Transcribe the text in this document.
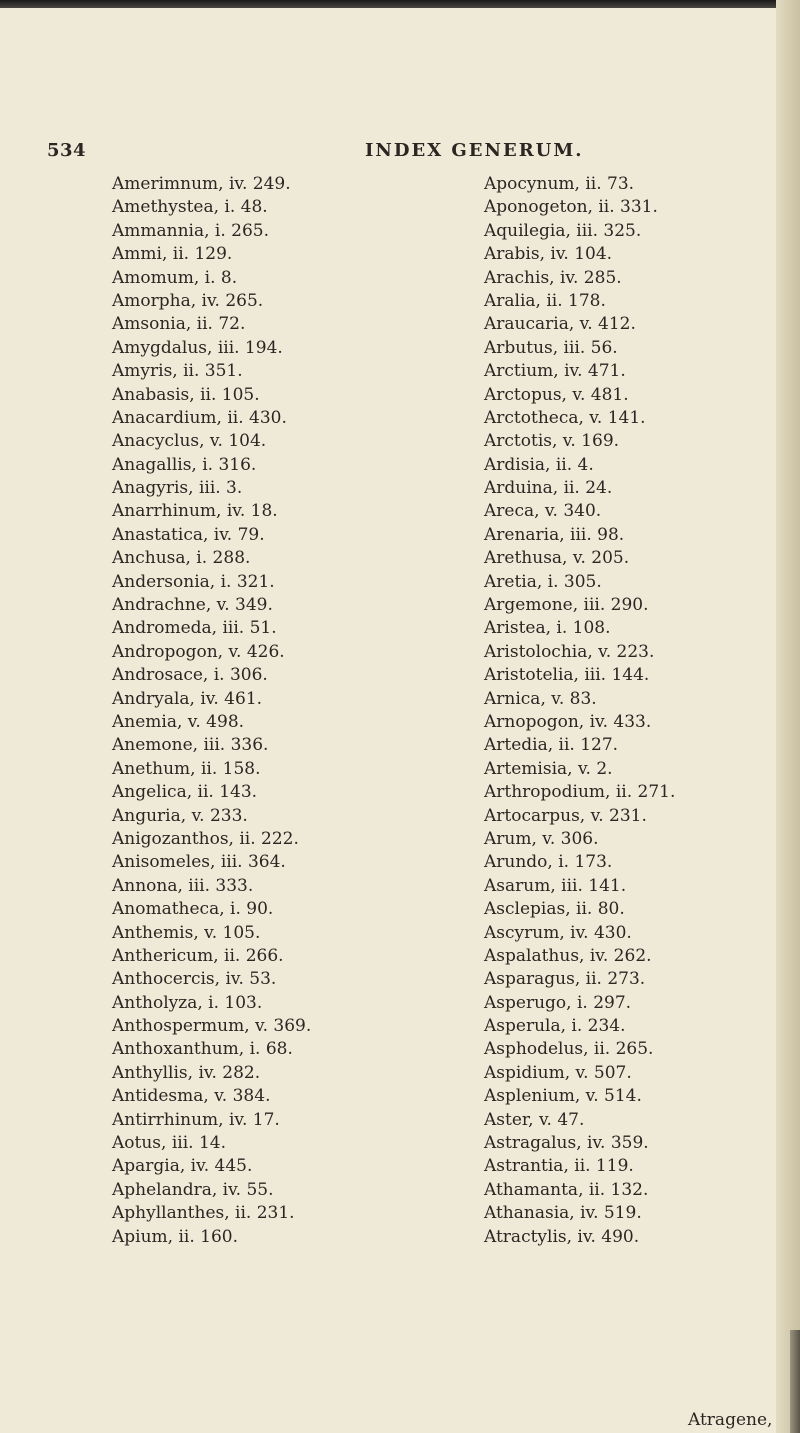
534	INDEX GENERUM.
Amerimnum, iv. 249.
Amethystea, i. 48.
Ammannia, i. 265.
Ammi, ii. 129.
Amomum, i. 8.
Amorpha, iv. 265.
Amsonia, ii. 72.
Amygdalus, iii. 194.
Amyris, ii. 351.
Anabasis, ii. 105.
Anacardium, ii. 430.
Anacyclus, v. 104.
Anagallis, i. 316.
Anagyris, iii. 3.
Anarrhinum, iv. 18.
Anastatica, iv. 79.
Anchusa, i. 288.
Andersonia, i. 321.
Andrachne, v. 349.
Andromeda, iii. 51.
Andropogon, v. 426.
Androsace, i. 306.
Andryala, iv. 461.
Anemia, v. 498.
Anemone, iii. 336.
Anethum, ii. 158.
Angelica, ii. 143.
Anguria, v. 233.
Anigozanthos, ii. 222.
Anisomeles, iii. 364.
Annona, iii. 333.
Anomatheca, i. 90.
Anthemis, v. 105.
Anthericum, ii. 266.
Anthocercis, iv. 53.
Antholyza, i. 103.
Anthospermum, v. 369.
Anthoxanthum, i. 68.
Anthyllis, iv. 282.
Antidesma, v. 384.
Antirrhinum, iv. 17.
Aotus, iii. 14.
Apargia, iv. 445.
Aphelandra, iv. 55.
Aphyllanthes, ii. 231.
Apium, ii. 160.
Apocynum, ii. 73.
Aponogeton, ii. 331.
Aquilegia, iii. 325.
Arabis, iv. 104.
Arachis, iv. 285.
Aralia, ii. 178.
Araucaria, v. 412.
Arbutus, iii. 56.
Arctium, iv. 471.
Arctopus, v. 481.
Arctotheca, v. 141.
Arctotis, v. 169.
Ardisia, ii. 4.
Arduina, ii. 24.
Areca, v. 340.
Arenaria, iii. 98.
Arethusa, v. 205.
Aretia, i. 305.
Argemone, iii. 290.
Aristea, i. 108.
Aristolochia, v. 223.
Aristotelia, iii. 144.
Arnica, v. 83.
Arnopogon, iv. 433.
Artedia, ii. 127.
Artemisia, v. 2.
Arthropodium, ii. 271.
Artocarpus, v. 231.
Arum, v. 306.
Arundo, i. 173.
Asarum, iii. 141.
Asclepias, ii. 80.
Ascyrum, iv. 430.
Aspalathus, iv. 262.
Asparagus, ii. 273.
Asperugo, i. 297.
Asperula, i. 234.
Asphodelus, ii. 265.
Aspidium, v. 507.
Asplenium, v. 514.
Aster, v. 47.
Astragalus, iv. 359.
Astrantia, ii. 119.
Athamanta, ii. 132.
Athanasia, iv. 519.
Atractylis, iv. 490.
Atragene,
